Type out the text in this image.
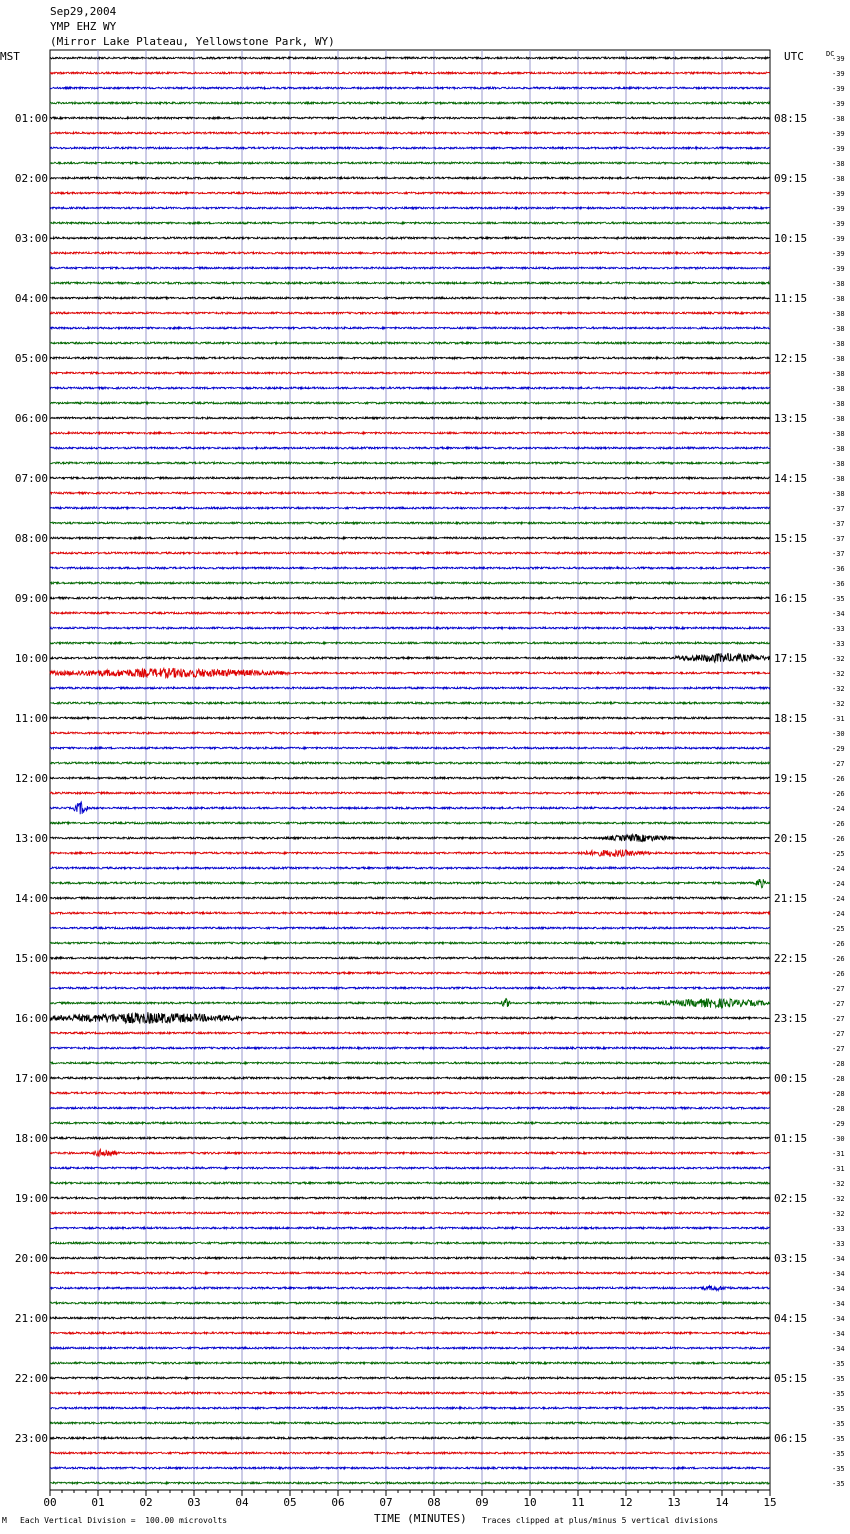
Sep29,2004
YMP EHZ WY
(Mirror Lake Plateau, Yellowstone Park, WY)
MST	UTC	DC
00	01	02	03	04	05	06	07	08	09	10	11	12	13	14	15
-39
-39
-39
-39
-38
01:00	08:15
-39
-39
-38
-38
02:00	09:15
-39
-39
-39
-39
03:00	10:15
-39
-39
-38
-38
04:00	11:15
-38
-38
-38
-38
05:00	12:15
-38
-38
-38
-38
06:00	13:15
-38
-38
-38
-38
07:00	14:15
-38
-37
-37
-37
08:00	15:15
-37
-36
-36
-35
09:00	16:15
-34
-33
-33
-32
10:00	17:15
-32
-32
-32
-31
11:00	18:15
-30
-29
-27
-26
12:00	19:15
-26
-24
-26
-26
13:00	20:15
-25
-24
-24
-24
14:00	21:15
-24
-25
-26
-26
15:00	22:15
-26
-27
-27
-27
16:00	23:15
-27
-27
-28
-28
17:00	00:15
-28
-28
-29
-30
18:00	01:15
-31
-31
-32
-32
19:00	02:15
-32
-33
-33
-34
20:00	03:15
-34
-34
-34
-34
21:00	04:15
-34
-34
-35
-35
22:00	05:15
-35
-35
-35
-35
23:00	06:15
-35
-35
-35
M Each Vertical Division =  100.00 microvolts	TIME (MINUTES) Traces clipped at plus/minus 5 vertical divisions
